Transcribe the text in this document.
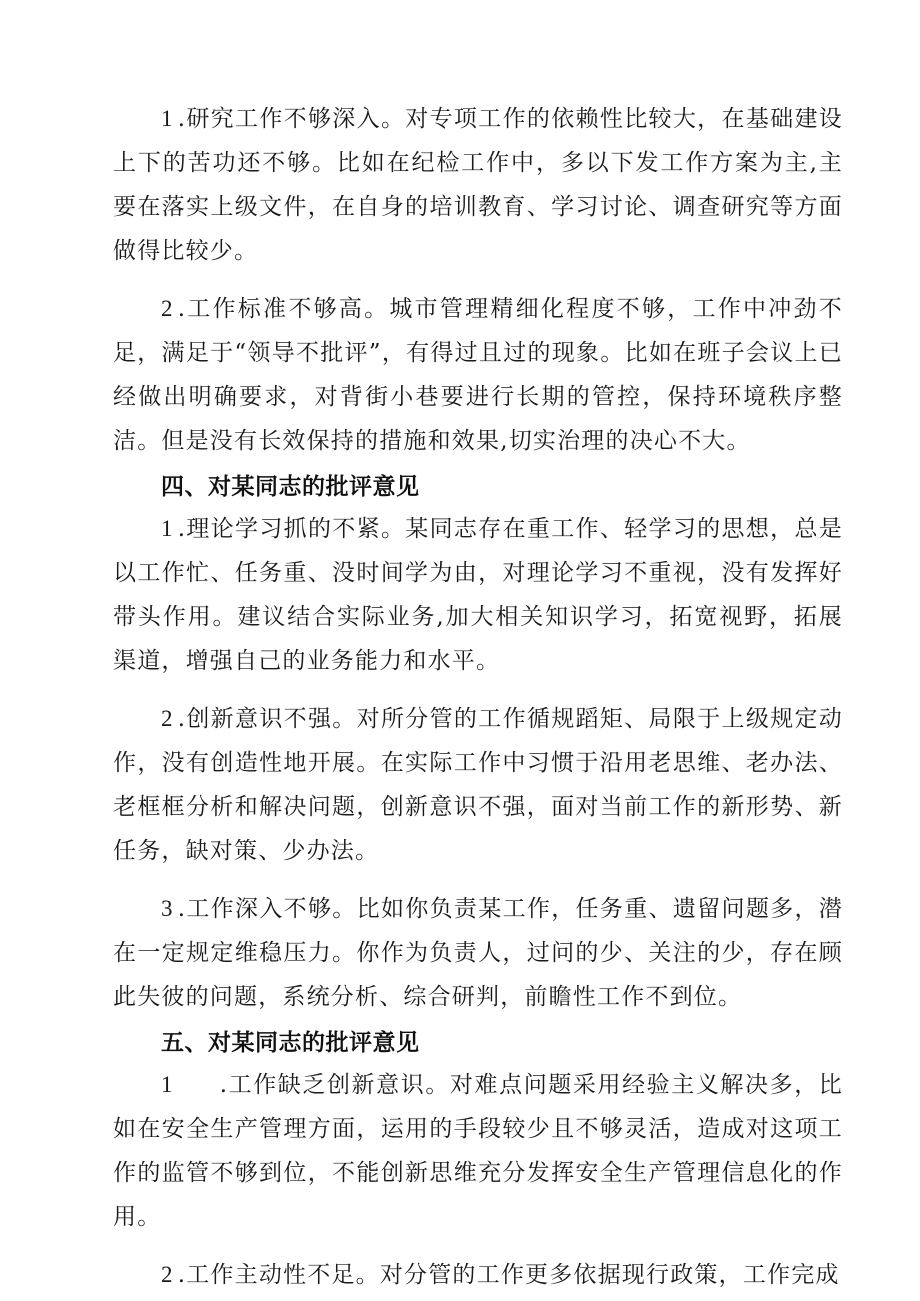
1 .研究工作不够深入。对专项工作的依赖性比较大，在基础建设上下的苦功还不够。比如在纪检工作中，多以下发工作方案为主,主要在落实上级文件，在自身的培训教育、学习讨论、调查研究等方面做得比较少。

2 .工作标准不够高。城市管理精细化程度不够，工作中冲劲不足，满足于“领导不批评”，有得过且过的现象。比如在班子会议上已经做出明确要求，对背街小巷要进行长期的管控，保持环境秩序整洁。但是没有长效保持的措施和效果,切实治理的决心不大。

四、对某同志的批评意见

1 .理论学习抓的不紧。某同志存在重工作、轻学习的思想，总是以工作忙、任务重、没时间学为由，对理论学习不重视，没有发挥好带头作用。建议结合实际业务,加大相关知识学习，拓宽视野，拓展渠道，增强自己的业务能力和水平。

2 .创新意识不强。对所分管的工作循规蹈矩、局限于上级规定动作，没有创造性地开展。在实际工作中习惯于沿用老思维、老办法、老框框分析和解决问题，创新意识不强，面对当前工作的新形势、新任务，缺对策、少办法。

3 .工作深入不够。比如你负责某工作，任务重、遗留问题多，潜在一定规定维稳压力。你作为负责人，过问的少、关注的少，存在顾此失彼的问题，系统分析、综合研判，前瞻性工作不到位。

五、对某同志的批评意见

1 .工作缺乏创新意识。对难点问题采用经验主义解决多，比如在安全生产管理方面，运用的手段较少且不够灵活，造成对这项工作的监管不够到位，不能创新思维充分发挥安全生产管理信息化的作用。

2 .工作主动性不足。对分管的工作更多依据现行政策，工作完成
